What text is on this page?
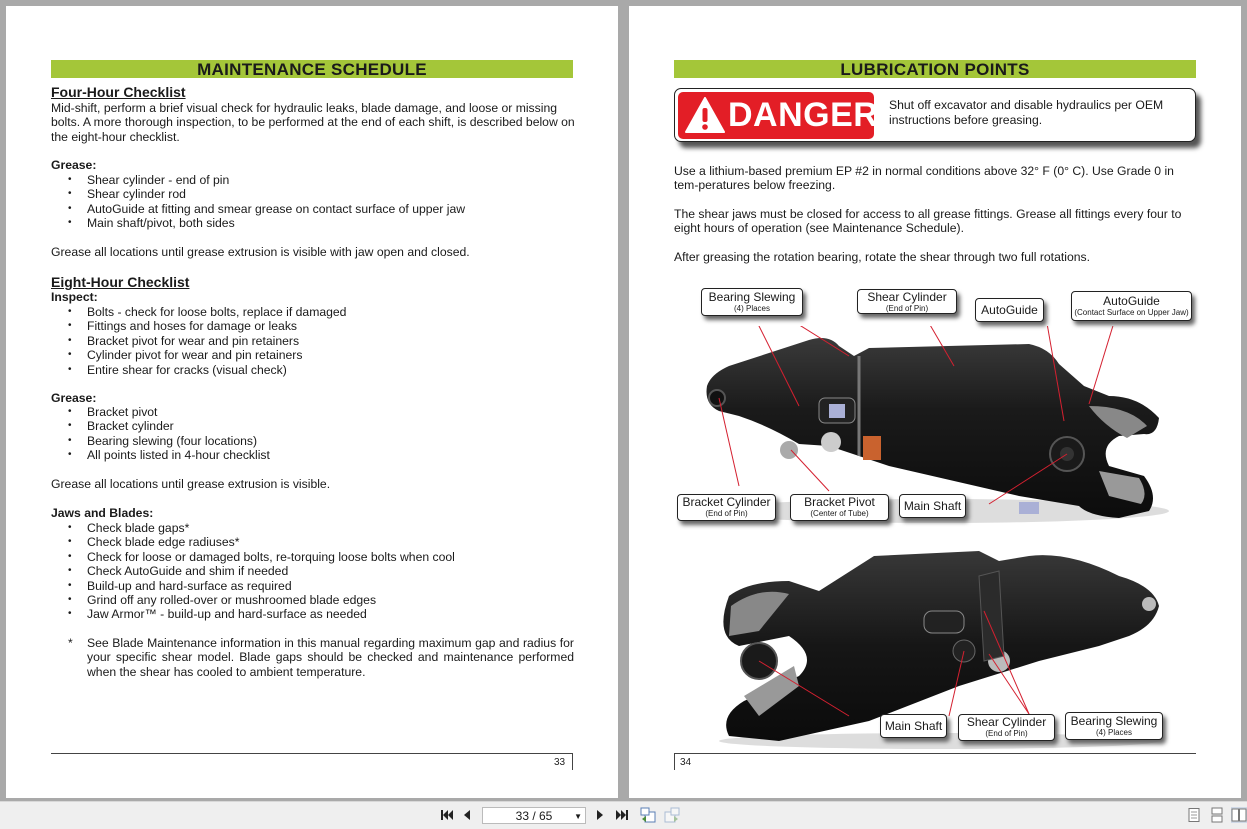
MAINTENANCE SCHEDULE
Four-Hour Checklist
Mid-shift, perform a brief visual check for hydraulic leaks, blade damage, and loose or missing bolts. A more thorough inspection, to be performed at the end of each shift, is described below on the eight-hour checklist.
Grease:
• Shear cylinder - end of pin
• Shear cylinder rod
• AutoGuide at fitting and smear grease on contact surface of upper jaw
• Main shaft/pivot, both sides
Grease all locations until grease extrusion is visible with jaw open and closed.
Eight-Hour Checklist
Inspect:
• Bolts - check for loose bolts, replace if damaged
• Fittings and hoses for damage or leaks
• Bracket pivot for wear and pin retainers
• Cylinder pivot for wear and pin retainers
• Entire shear for cracks (visual check)
Grease:
• Bracket pivot
• Bracket cylinder
• Bearing slewing (four locations)
• All points listed in 4-hour checklist
Grease all locations until grease extrusion is visible.
Jaws and Blades:
• Check blade gaps*
• Check blade edge radiuses*
• Check for loose or damaged bolts, re-torquing loose bolts when cool
• Check AutoGuide and shim if needed
• Build-up and hard-surface as required
• Grind off any rolled-over or mushroomed blade edges
• Jaw Armor™ - build-up and hard-surface as needed
* See Blade Maintenance information in this manual regarding maximum gap and radius for your specific shear model. Blade gaps should be checked and maintenance performed when the shear has cooled to ambient temperature.
33
LUBRICATION POINTS
DANGER Shut off excavator and disable hydraulics per OEM instructions before greasing.
Use a lithium-based premium EP #2 in normal conditions above 32° F (0° C). Use Grade 0 in tem-peratures below freezing.
The shear jaws must be closed for access to all grease fittings. Grease all fittings every four to eight hours of operation (see Maintenance Schedule).
After greasing the rotation bearing, rotate the shear through two full rotations.
Bearing Slewing
(4) Places
Shear Cylinder
(End of Pin)	AutoGuide
AutoGuide
(Contact Surface on Upper Jaw)
Bracket Cylinder
(End of Pin)
Bracket Pivot
(Center of Tube)
Main Shaft
Main Shaft	Shear Cylinder
(End of Pin)
Bearing Slewing
(4) Places
34
33 / 65	▼
